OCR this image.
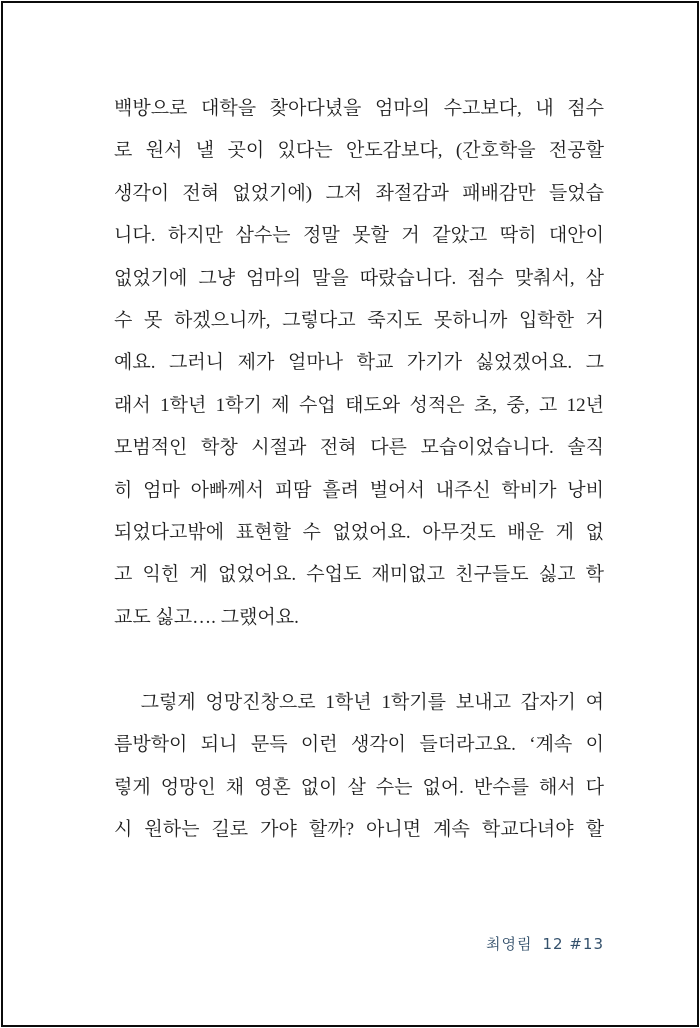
백방으로 대학을 찾아다녔을 엄마의 수고보다, 내 점수
로 원서 낼 곳이 있다는 안도감보다, (간호학을 전공할
생각이 전혀 없었기에) 그저 좌절감과 패배감만 들었습
니다. 하지만 삼수는 정말 못할 거 같았고 딱히 대안이
없었기에 그냥 엄마의 말을 따랐습니다. 점수 맞춰서, 삼
수 못 하겠으니까, 그렇다고 죽지도 못하니까 입학한 거
예요. 그러니 제가 얼마나 학교 가기가 싫었겠어요. 그
래서 1학년 1학기 제 수업 태도와 성적은 초, 중, 고 12년
모범적인 학창 시절과 전혀 다른 모습이었습니다. 솔직
히 엄마 아빠께서 피땀 흘려 벌어서 내주신 학비가 낭비
되었다고밖에 표현할 수 없었어요. 아무것도 배운 게 없
고 익힌 게 없었어요. 수업도 재미없고 친구들도 싫고 학
교도 싫고…. 그랬어요.
그렇게 엉망진창으로 1학년 1학기를 보내고 갑자기 여
름방학이 되니 문득 이런 생각이 들더라고요. ‘계속 이
렇게 엉망인 채 영혼 없이 살 수는 없어. 반수를 해서 다
시 원하는 길로 가야 할까? 아니면 계속 학교다녀야 할
최영림 12 #13
